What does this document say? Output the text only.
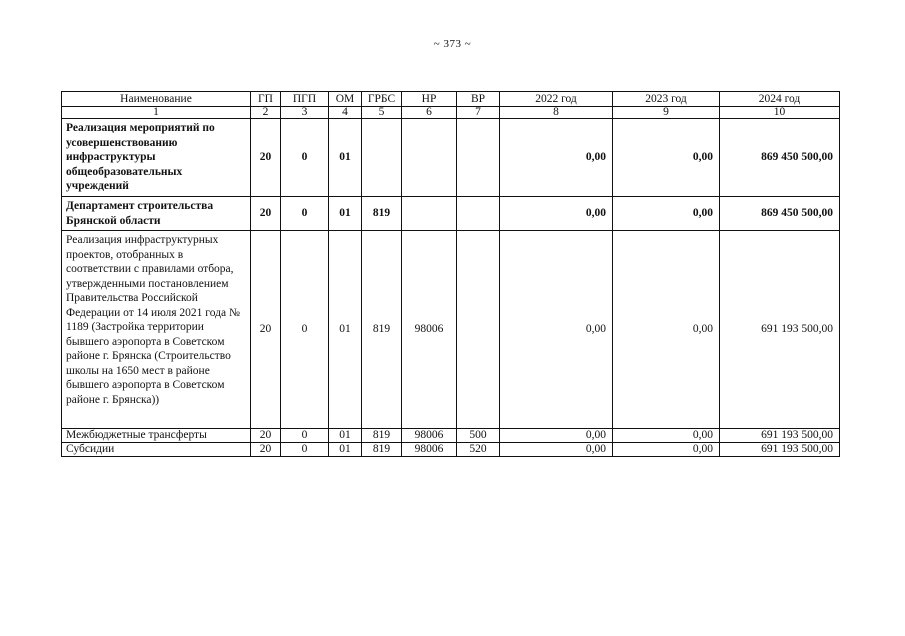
~ 373 ~
Наименование	ГП	ПГП	ОМ	ГРБС	НР	ВР	2022 год	2023 год	2024 год
1	2	3	4	5	6	7	8	9	10
Реализация мероприятий по усовершенствованию инфраструктуры общеобразовательных учреждений	20	0	01				0,00	0,00	869 450 500,00
Департамент строительства Брянской области	20	0	01	819			0,00	0,00	869 450 500,00
Реализация инфраструктурных проектов, отобранных в соответствии с правилами отбора, утвержденными постановлением Правительства Российской Федерации от 14 июля 2021 года № 1189 (Застройка территории бывшего аэропорта в Советском районе г. Брянска (Строительство школы на 1650 мест в районе бывшего аэропорта в Советском районе г. Брянска))	20	0	01	819	98006		0,00	0,00	691 193 500,00
Межбюджетные трансферты	20	0	01	819	98006	500	0,00	0,00	691 193 500,00
Субсидии	20	0	01	819	98006	520	0,00	0,00	691 193 500,00
